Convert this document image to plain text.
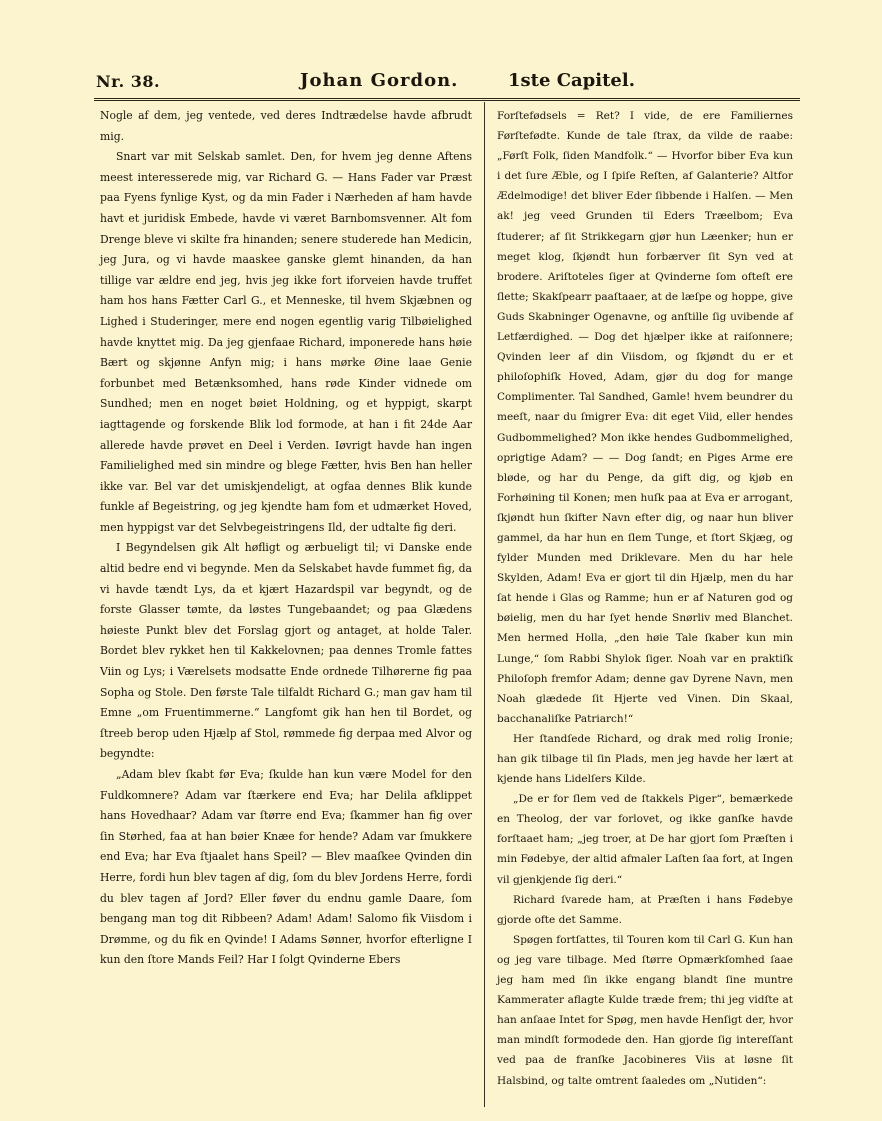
Nr. 38.	Johan Gordon.	1ste Capitel.

Nogle af dem, jeg ventede, ved deres Indtrædelse havde afbrudt mig.

Snart var mit Selskab samlet. Den, for hvem jeg denne Aftens meest interesserede mig, var Richard G. — Hans Fader var Præst paa Fyens fynlige Kyst, og da min Fader i Nærheden af ham havde havt et juridisk Embede, havde vi været Barnbomsvenner. Alt fom Drenge bleve vi skilte fra hinanden; senere studerede han Medicin, jeg Jura, og vi havde maaskee ganske glemt hinanden, da han tillige var ældre end jeg, hvis jeg ikke fort iforveien havde truffet ham hos hans Fætter Carl G., et Menneske, til hvem Skjæbnen og Lighed i Studeringer, mere end nogen egentlig varig Tilbøielighed havde knyttet mig. Da jeg gjenfaae Richard, imponerede hans høie Bært og skjønne Anfyn mig; i hans mørke Øine laae Genie forbunbet med Betænksomhed, hans røde Kinder vidnede om Sundhed; men en noget bøiet Holdning, og et hyppigt, skarpt iagttagende og forskende Blik lod formode, at han i fit 24de Aar allerede havde prøvet en Deel i Verden. Iøvrigt havde han ingen Familielighed med sin mindre og blege Fætter, hvis Ben han heller ikke var. Bel var det umiskjendeligt, at ogfaa dennes Blik kunde funkle af Begeistring, og jeg kjendte ham fom et udmærket Hoved, men hyppigst var det Selvbegeistringens Ild, der udtalte fig deri.

I Begyndelsen gik Alt høfligt og ærbueligt til; vi Danske ende altid bedre end vi begynde. Men da Selskabet havde fummet fig, da vi havde tændt Lys, da et kjært Hazardspil var begyndt, og de forste Glasser tømte, da løstes Tungebaandet; og paa Glædens høieste Punkt blev det Forslag gjort og antaget, at holde Taler. Bordet blev rykket hen til Kakkelovnen; paa dennes Tromle fattes Viin og Lys; i Værelsets modsatte Ende ordnede Tilhørerne fig paa Sopha og Stole. Den første Tale tilfaldt Richard G.; man gav ham til Emne „om Fruentimmerne.“ Langfomt gik han hen til Bordet, og ſtreeb berop uden Hjælp af Stol, rømmede fig derpaa med Alvor og begyndte:

„Adam blev ſkabt før Eva; ſkulde han kun være Model for den Fuldkomnere? Adam var ſtærkere end Eva; har Delila afklippet hans Hovedhaar? Adam var ſtørre end Eva; ſkammer han fig over ſin Størhed, faa at han bøier Knæe for hende? Adam var ſmukkere end Eva; har Eva ſtjaalet hans Speil? — Blev maaſkee Qvinden din Herre, fordi hun blev tagen af dig, ſom du blev Jordens Herre, fordi du blev tagen af Jord? Eller føver du endnu gamle Daare, ſom bengang man tog dit Ribbeen? Adam! Adam! Salomo fik Viisdom i Drømme, og du fik en Qvinde! I Adams Sønner, hvorfor efterligne I kun den ſtore Mands Feil? Har I ſolgt Qvinderne Ebers

Forſtefødsels = Ret? I vide, de ere Familiernes Førſtefødte. Kunde de tale ſtrax, da vilde de raabe: „Førſt Folk, ſiden Mandfolk.“ — Hvorfor biber Eva kun i det ſure Æble, og I ſpiſe Reſten, af Galanterie? Altfor Ædelmodige! det bliver Eder ſibbende i Halſen. — Men ak! jeg veed Grunden til Eders Træelbom; Eva ſtuderer; af ſit Strikkegarn gjør hun Læenker; hun er meget klog, ſkjøndt hun forbærver ſit Syn ved at brodere. Ariſtoteles ſiger at Qvinderne ſom ofteſt ere ſlette; Skakſpearr paaſtaaer, at de læſpe og hoppe, give Guds Skabninger Ogenavne, og anſtille ſig uvibende af Letfærdighed. — Dog det hjælper ikke at raiſonnere; Qvinden leer af din Viisdom, og ſkjøndt du er et philoſophiſk Hoved, Adam, gjør du dog for mange Complimenter. Tal Sandhed, Gamle! hvem beundrer du meeſt, naar du ſmigrer Eva: dit eget Viid, eller hendes Gudbommelighed? Mon ikke hendes Gudbommelighed, oprigtige Adam? — — Dog ſandt; en Piges Arme ere bløde, og har du Penge, da gift dig, og kjøb en Forhøining til Konen; men huſk paa at Eva er arrogant, ſkjøndt hun ſkifter Navn efter dig, og naar hun bliver gammel, da har hun en ſlem Tunge, et ſtort Skjæg, og fylder Munden med Driklevare. Men du har hele Skylden, Adam! Eva er gjort til din Hjælp, men du har ſat hende i Glas og Ramme; hun er af Naturen god og bøielig, men du har ſyet hende Snørliv med Blanchet. Men hermed Holla, „den høie Tale ſkaber kun min Lunge,“ ſom Rabbi Shylok ſiger. Noah var en praktiſk Philoſoph fremfor Adam; denne gav Dyrene Navn, men Noah glædede ſit Hjerte ved Vinen. Din Skaal, bacchanaliſke Patriarch!“

Her ſtandſede Richard, og drak med rolig Ironie; han gik tilbage til ſin Plads, men jeg havde her lært at kjende hans Lidelſers Kilde.

„De er for ſlem ved de ſtakkels Piger“, bemærkede en Theolog, der var forlovet, og ikke ganſke havde forſtaaet ham; „jeg troer, at De har gjort ſom Præſten i min Fødebye, der altid afmaler Laſten ſaa fort, at Ingen vil gjenkjende ſig deri.“

Richard ſvarede ham, at Præſten i hans Fødebye gjorde ofte det Samme.

Spøgen fortſattes, til Touren kom til Carl G. Kun han og jeg vare tilbage. Med ſtørre Opmærkſomhed ſaae jeg ham med ſin ikke engang blandt ſine muntre Kammerater aflagte Kulde træde frem; thi jeg vidſte at han anſaae Intet for Spøg, men havde Henſigt der, hvor man mindſt formodede den. Han gjorde ſig intereſſant ved paa de franſke Jacobineres Viis at løsne ſit Halsbind, og talte omtrent ſaaledes om „Nutiden“:
